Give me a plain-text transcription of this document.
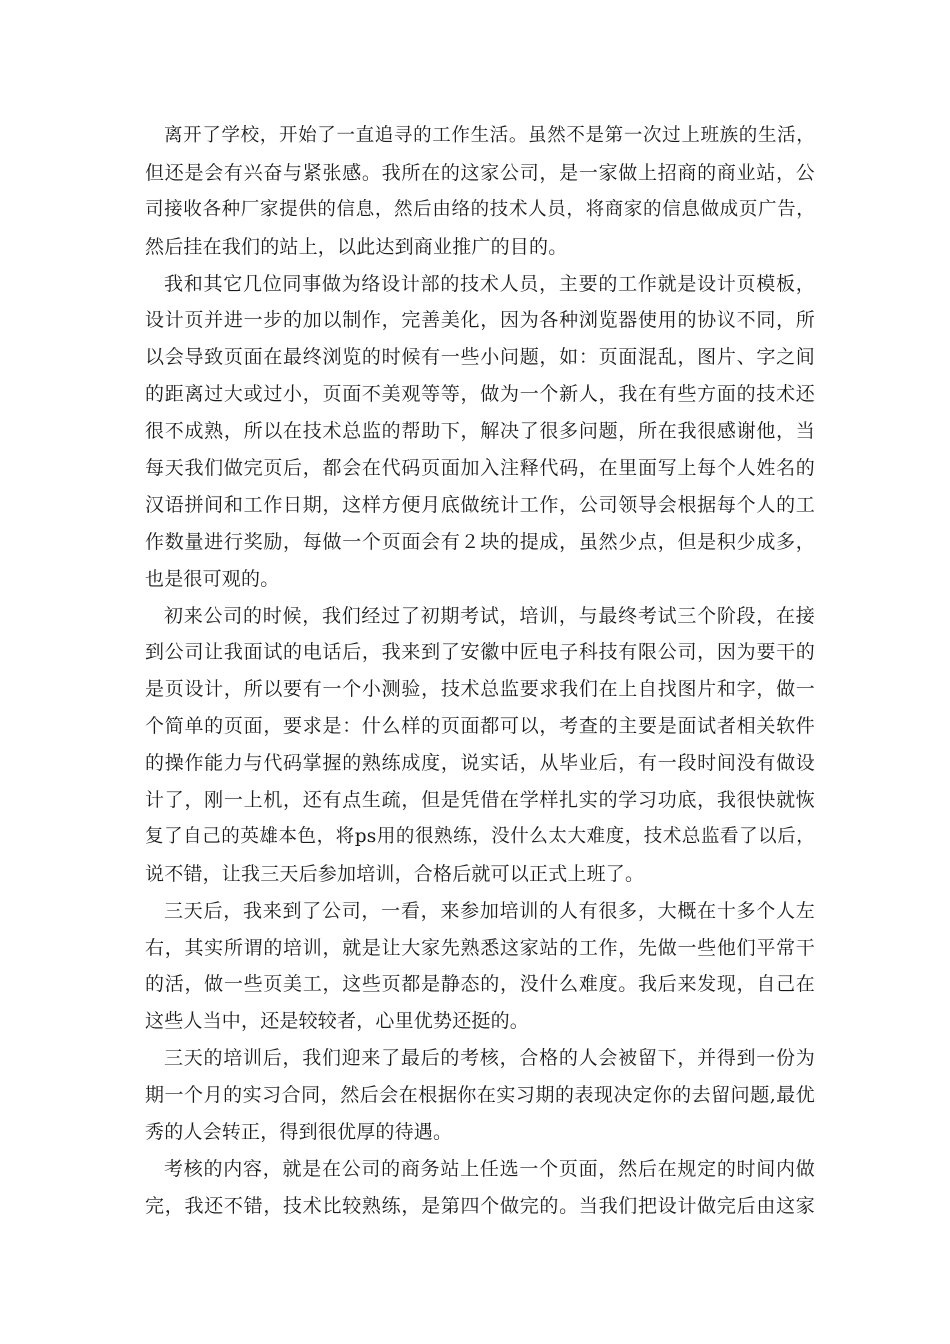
离开了学校，开始了一直追寻的工作生活。虽然不是第一次过上班族的生活，
但还是会有兴奋与紧张感。我所在的这家公司，是一家做上招商的商业站，公
司接收各种厂家提供的信息，然后由络的技术人员，将商家的信息做成页广告，
然后挂在我们的站上，以此达到商业推广的目的。
我和其它几位同事做为络设计部的技术人员，主要的工作就是设计页模板，
设计页并进一步的加以制作，完善美化，因为各种浏览器使用的协议不同，所
以会导致页面在最终浏览的时候有一些小问题，如：页面混乱，图片、字之间
的距离过大或过小，页面不美观等等，做为一个新人，我在有些方面的技术还
很不成熟，所以在技术总监的帮助下，解决了很多问题，所在我很感谢他，当
每天我们做完页后，都会在代码页面加入注释代码，在里面写上每个人姓名的
汉语拼间和工作日期，这样方便月底做统计工作，公司领导会根据每个人的工
作数量进行奖励，每做一个页面会有２块的提成，虽然少点，但是积少成多，
也是很可观的。
初来公司的时候，我们经过了初期考试，培训，与最终考试三个阶段，在接
到公司让我面试的电话后，我来到了安徽中匠电子科技有限公司，因为要干的
是页设计，所以要有一个小测验，技术总监要求我们在上自找图片和字，做一
个简单的页面，要求是：什么样的页面都可以，考查的主要是面试者相关软件
的操作能力与代码掌握的熟练成度，说实话，从毕业后，有一段时间没有做设
计了，刚一上机，还有点生疏，但是凭借在学样扎实的学习功底，我很快就恢
复了自己的英雄本色，将ps用的很熟练，没什么太大难度，技术总监看了以后，
说不错，让我三天后参加培训，合格后就可以正式上班了。
三天后，我来到了公司，一看，来参加培训的人有很多，大概在十多个人左
右，其实所谓的培训，就是让大家先熟悉这家站的工作，先做一些他们平常干
的活，做一些页美工，这些页都是静态的，没什么难度。我后来发现，自己在
这些人当中，还是较较者，心里优势还挺的。
三天的培训后，我们迎来了最后的考核，合格的人会被留下，并得到一份为
期一个月的实习合同，然后会在根据你在实习期的表现决定你的去留问题,最优
秀的人会转正，得到很优厚的待遇。
考核的内容，就是在公司的商务站上任选一个页面，然后在规定的时间内做
完，我还不错，技术比较熟练，是第四个做完的。当我们把设计做完后由这家
